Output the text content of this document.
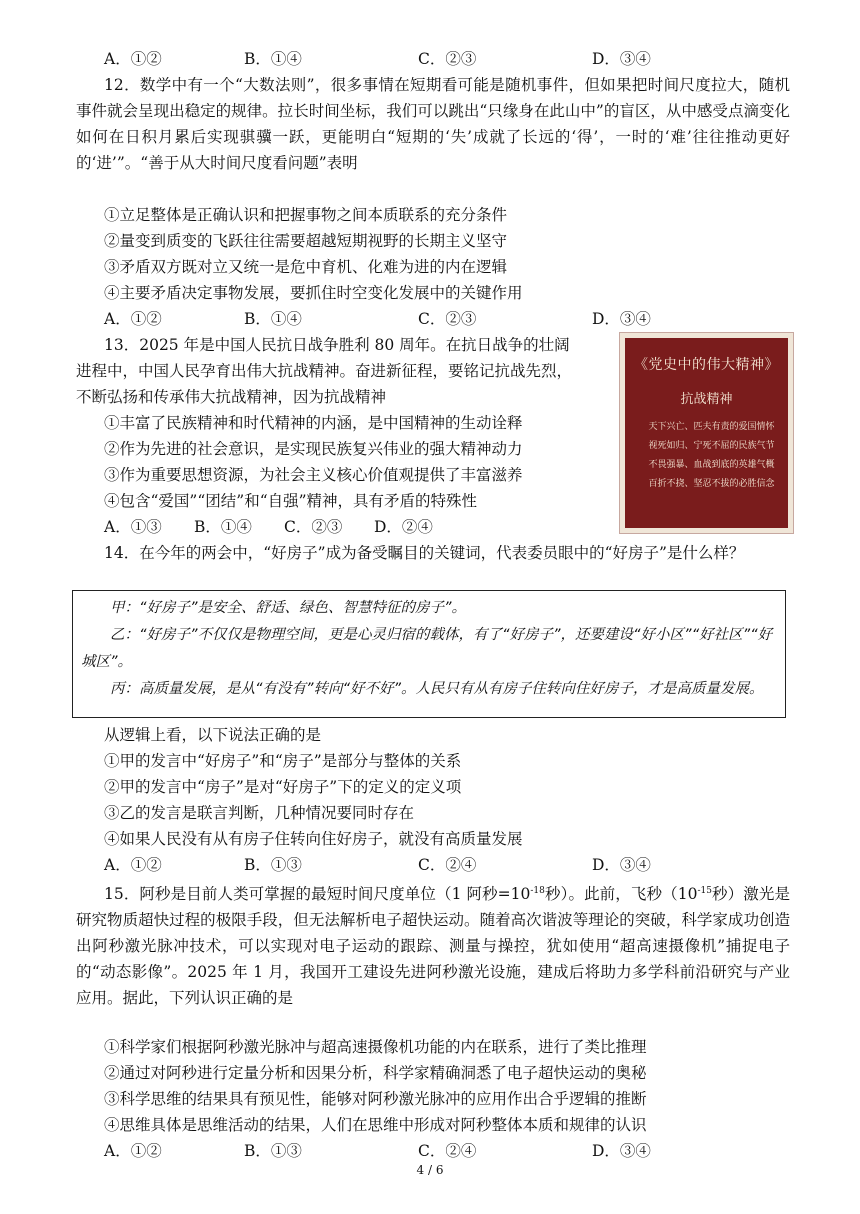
A．①②	B．①④	C．②③	D．③④
12．数学中有一个“大数法则”，很多事情在短期看可能是随机事件，但如果把时间尺度拉大，随机事件就会呈现出稳定的规律。拉长时间坐标，我们可以跳出“只缘身在此山中”的盲区，从中感受点滴变化如何在日积月累后实现骐骥一跃，更能明白“短期的‘失’成就了长远的‘得’，一时的‘难’往往推动更好的‘进’”。“善于从大时间尺度看问题”表明
①立足整体是正确认识和把握事物之间本质联系的充分条件
②量变到质变的飞跃往往需要超越短期视野的长期主义坚守
③矛盾双方既对立又统一是危中育机、化难为进的内在逻辑
④主要矛盾决定事物发展，要抓住时空变化发展中的关键作用
A．①②	B．①④	C．②③	D．③④
13．2025 年是中国人民抗日战争胜利 80 周年。在抗日战争的壮阔
进程中，中国人民孕育出伟大抗战精神。奋进新征程，要铭记抗战先烈，
不断弘扬和传承伟大抗战精神，因为抗战精神
①丰富了民族精神和时代精神的内涵，是中国精神的生动诠释
②作为先进的社会意识，是实现民族复兴伟业的强大精神动力
③作为重要思想资源，为社会主义核心价值观提供了丰富滋养
④包含“爱国”“团结”和“自强”精神，具有矛盾的特殊性
A．①③ B．①④ C．②③ D．②④
《党史中的伟大精神》
抗战精神
天下兴亡、匹夫有责的爱国情怀
视死如归、宁死不屈的民族气节
不畏强暴、血战到底的英雄气概
百折不挠、坚忍不拔的必胜信念
14．在今年的两会中，“好房子”成为备受瞩目的关键词，代表委员眼中的“好房子”是什么样？

甲：“好房子”是安全、舒适、绿色、智慧特征的房子”。

乙：“好房子”不仅仅是物理空间，更是心灵归宿的载体，有了“好房子”，还要建设“好小区”“好社区”“好城区”。

丙：高质量发展，是从“有没有”转向“好不好”。人民只有从有房子住转向住好房子，才是高质量发展。

从逻辑上看，以下说法正确的是
①甲的发言中“好房子”和“房子”是部分与整体的关系
②甲的发言中“房子”是对“好房子”下的定义的定义项
③乙的发言是联言判断，几种情况要同时存在
④如果人民没有从有房子住转向住好房子，就没有高质量发展
A．①②	B．①③	C．②④	D．③④
15．阿秒是目前人类可掌握的最短时间尺度单位（1 阿秒$=10^{-18}$秒）。此前，飞秒（$10^{-15}$秒）激光是研究物质超快过程的极限手段，但无法解析电子超快运动。随着高次谐波等理论的突破，科学家成功创造出阿秒激光脉冲技术，可以实现对电子运动的跟踪、测量与操控，犹如使用“超高速摄像机”捕捉电子的“动态影像”。2025 年 1 月，我国开工建设先进阿秒激光设施，建成后将助力多学科前沿研究与产业应用。据此，下列认识正确的是
①科学家们根据阿秒激光脉冲与超高速摄像机功能的内在联系，进行了类比推理
②通过对阿秒进行定量分析和因果分析，科学家精确洞悉了电子超快运动的奥秘
③科学思维的结果具有预见性，能够对阿秒激光脉冲的应用作出合乎逻辑的推断
④思维具体是思维活动的结果，人们在思维中形成对阿秒整体本质和规律的认识
A．①②	B．①③	C．②④	D．③④
4 / 6
